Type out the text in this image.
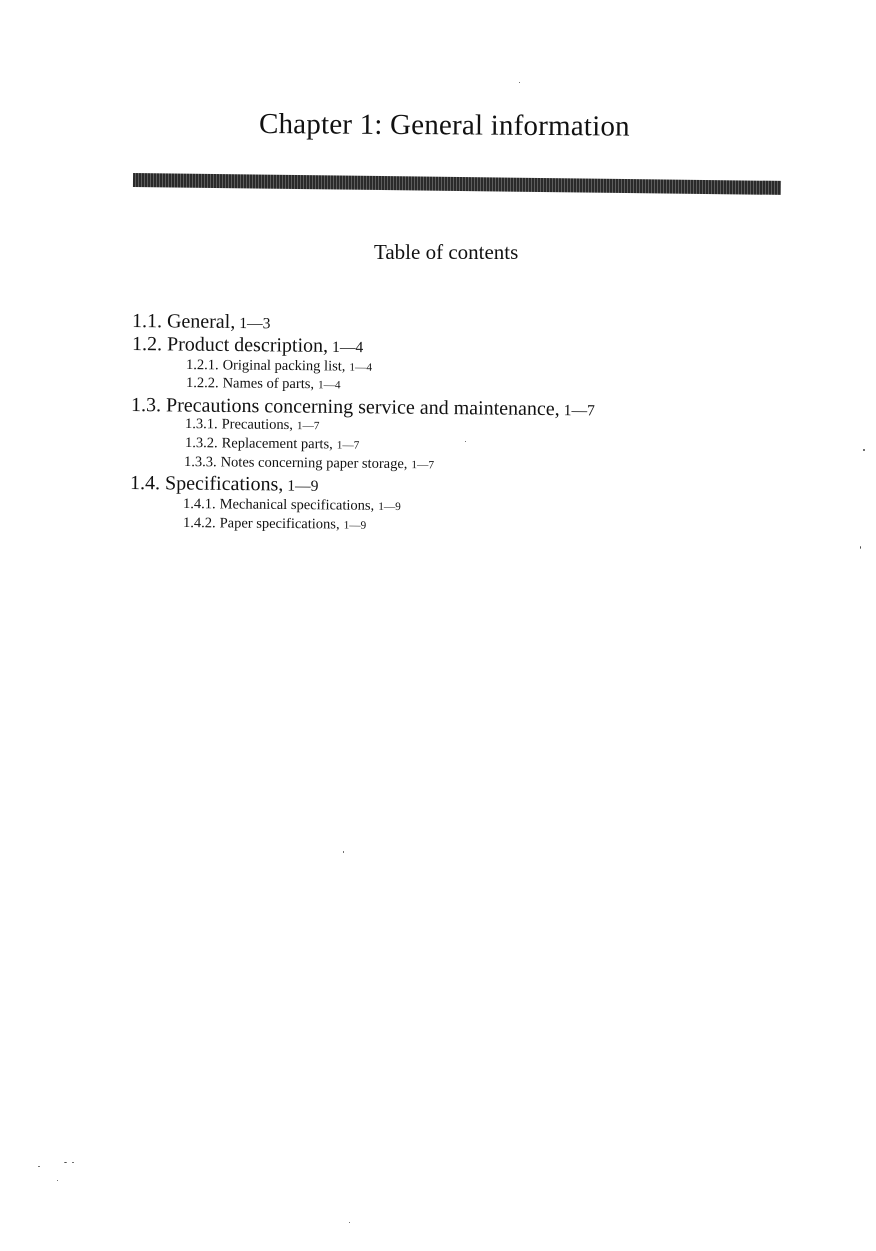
Chapter 1: General information
Table of contents
1.1. General, 1—3
1.2. Product description, 1—4
1.2.1. Original packing list, 1—4
1.2.2. Names of parts, 1—4
1.3. Precautions concerning service and maintenance, 1—7
1.3.1. Precautions, 1—7
1.3.2. Replacement parts, 1—7
1.3.3. Notes concerning paper storage, 1—7
1.4. Specifications, 1—9
1.4.1. Mechanical specifications, 1—9
1.4.2. Paper specifications, 1—9
